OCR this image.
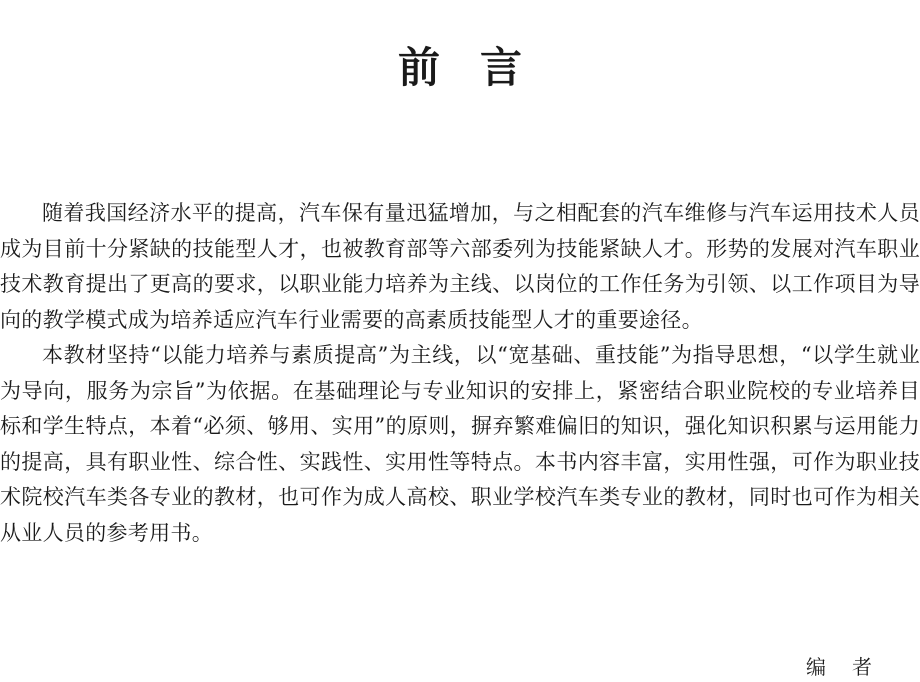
前 言

随着我国经济水平的提高，汽车保有量迅猛增加，与之相配套的汽车维修与汽车运用技术人员成为目前十分紧缺的技能型人才，也被教育部等六部委列为技能紧缺人才。形势的发展对汽车职业技术教育提出了更高的要求，以职业能力培养为主线、以岗位的工作任务为引领、以工作项目为导向的教学模式成为培养适应汽车行业需要的高素质技能型人才的重要途径。

本教材坚持“以能力培养与素质提高”为主线，以“宽基础、重技能”为指导思想，“以学生就业为导向，服务为宗旨”为依据。在基础理论与专业知识的安排上，紧密结合职业院校的专业培养目标和学生特点，本着“必须、够用、实用”的原则，摒弃繁难偏旧的知识，强化知识积累与运用能力的提高，具有职业性、综合性、实践性、实用性等特点。本书内容丰富，实用性强，可作为职业技术院校汽车类各专业的教材，也可作为成人高校、职业学校汽车类专业的教材，同时也可作为相关从业人员的参考用书。

编 者
